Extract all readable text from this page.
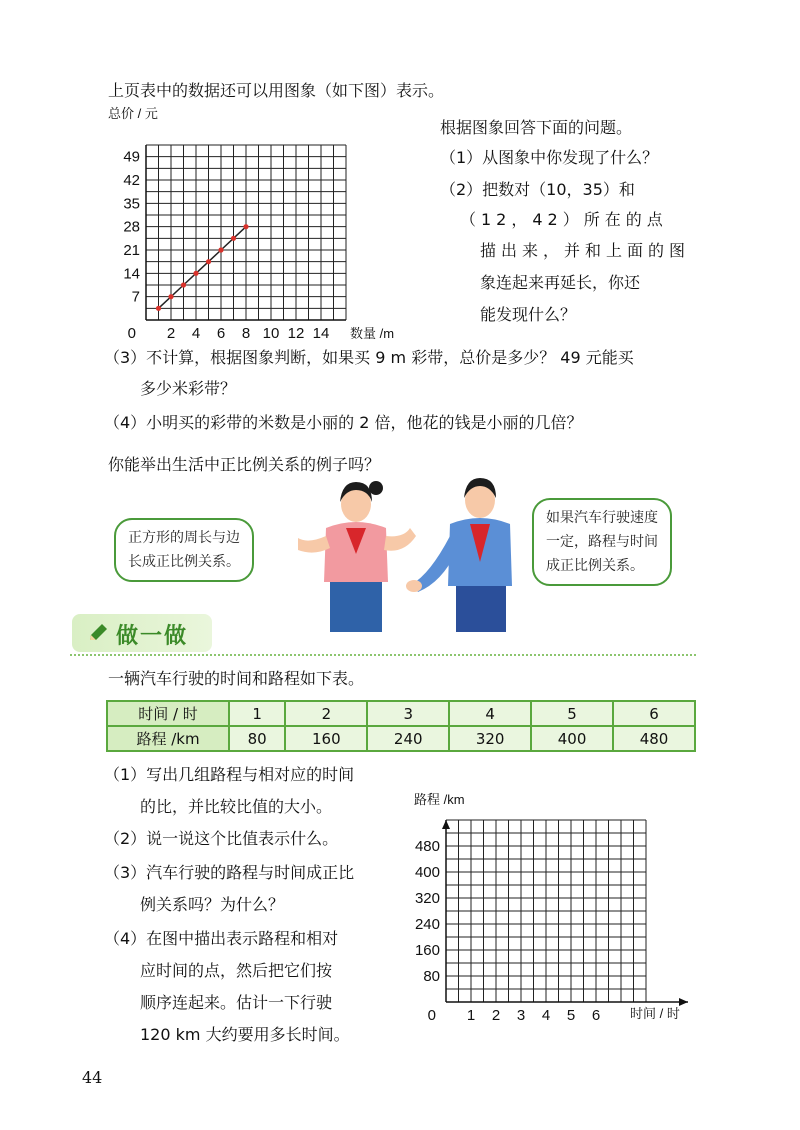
上页表中的数据还可以用图象（如下图）表示。
2 4 6 8 10 12 14
7
14
21
28
35
42
49
0
总价 / 元
数量 /m
根据图象回答下面的问题。
（1）从图象中你发现了什么？
（2）把数对（10，35）和
（12，42）所在的点
描出来，并和上面的图
象连起来再延长，你还
能发现什么？
（3）不计算，根据图象判断，如果买 9 m 彩带，总价是多少？ 49 元能买
多少米彩带？
（4）小明买的彩带的米数是小丽的 2 倍，他花的钱是小丽的几倍？
你能举出生活中正比例关系的例子吗？
正方形的周长与边
长成正比例关系。
如果汽车行驶速度
一定，路程与时间
成正比例关系。
做一做
一辆汽车行驶的时间和路程如下表。
时间 / 时	1	2	3	4	5	6
路程 /km	80	160	240	320	400	480
（1）写出几组路程与相对应的时间
的比，并比较比值的大小。
（2）说一说这个比值表示什么。
（3）汽车行驶的路程与时间成正比
例关系吗？为什么？
（4）在图中描出表示路程和相对
应时间的点，然后把它们按
顺序连起来。估计一下行驶
120 km 大约要用多长时间。
1 2 3 4 5 6
80
160
240
320
400
480
0
路程 /km
时间 / 时
44
